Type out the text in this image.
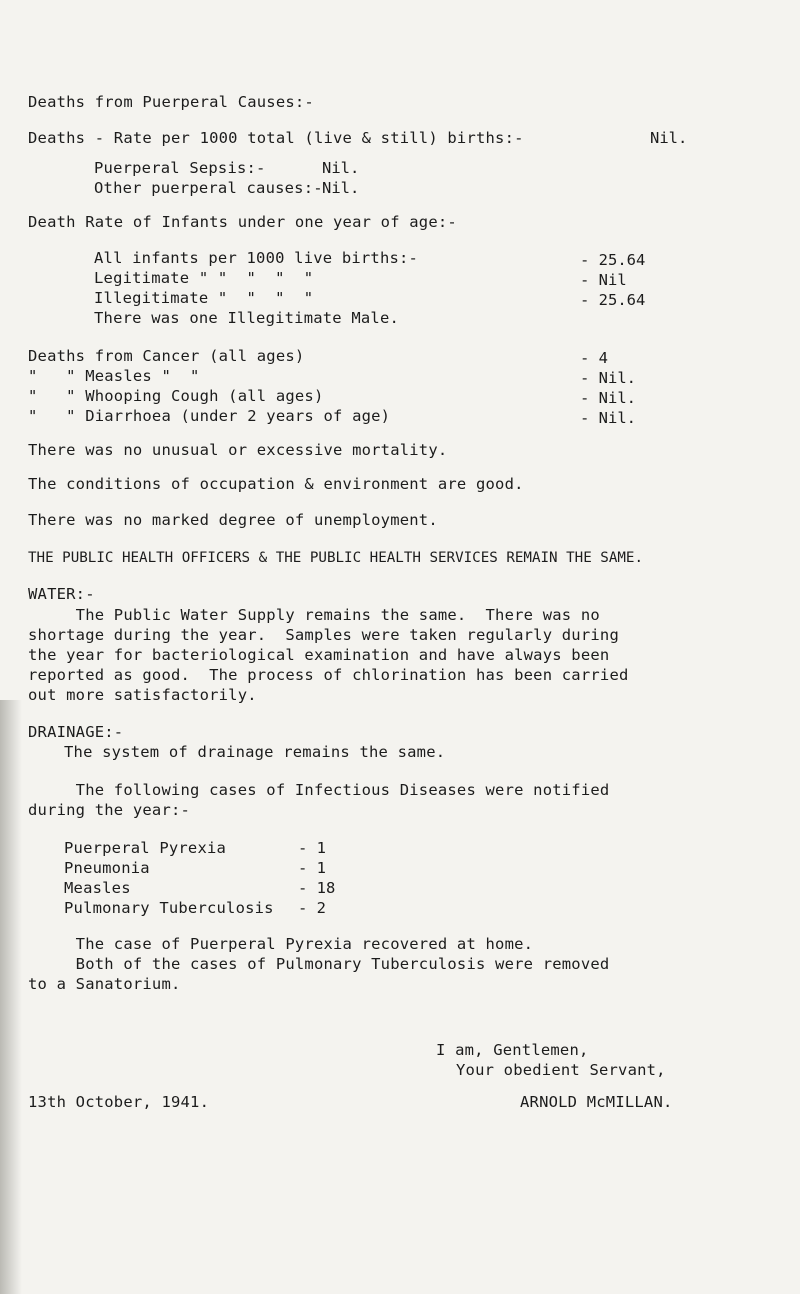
Deaths from Puerperal Causes:-
Deaths - Rate per 1000 total (live & still) births:-	Nil.
Puerperal Sepsis:-	Nil.
Other puerperal causes:- Nil.
Death Rate of Infants under one year of age:-
All infants per 1000 live births:-	- 25.64
Legitimate " "  "  "  "	- Nil
Illegitimate "  "  "  "	- 25.64
There was one Illegitimate Male.
Deaths from Cancer (all ages)	- 4
"   " Measles "  "	- Nil.
"   " Whooping Cough (all ages)	- Nil.
"   " Diarrhoea (under 2 years of age)	- Nil.
There was no unusual or excessive mortality.
The conditions of occupation & environment are good.
There was no marked degree of unemployment.
THE PUBLIC HEALTH OFFICERS & THE PUBLIC HEALTH SERVICES REMAIN THE SAME.
WATER:-
The Public Water Supply remains the same.  There was no
shortage during the year.  Samples were taken regularly during
the year for bacteriological examination and have always been
reported as good.  The process of chlorination has been carried
out more satisfactorily.
DRAINAGE:-
The system of drainage remains the same.
The following cases of Infectious Diseases were notified
during the year:-
Puerperal Pyrexia	- 1
Pneumonia	- 1
Measles	- 18
Pulmonary Tuberculosis - 2
The case of Puerperal Pyrexia recovered at home.
Both of the cases of Pulmonary Tuberculosis were removed
to a Sanatorium.
I am, Gentlemen,
Your obedient Servant,
13th October, 1941.	ARNOLD McMILLAN.
